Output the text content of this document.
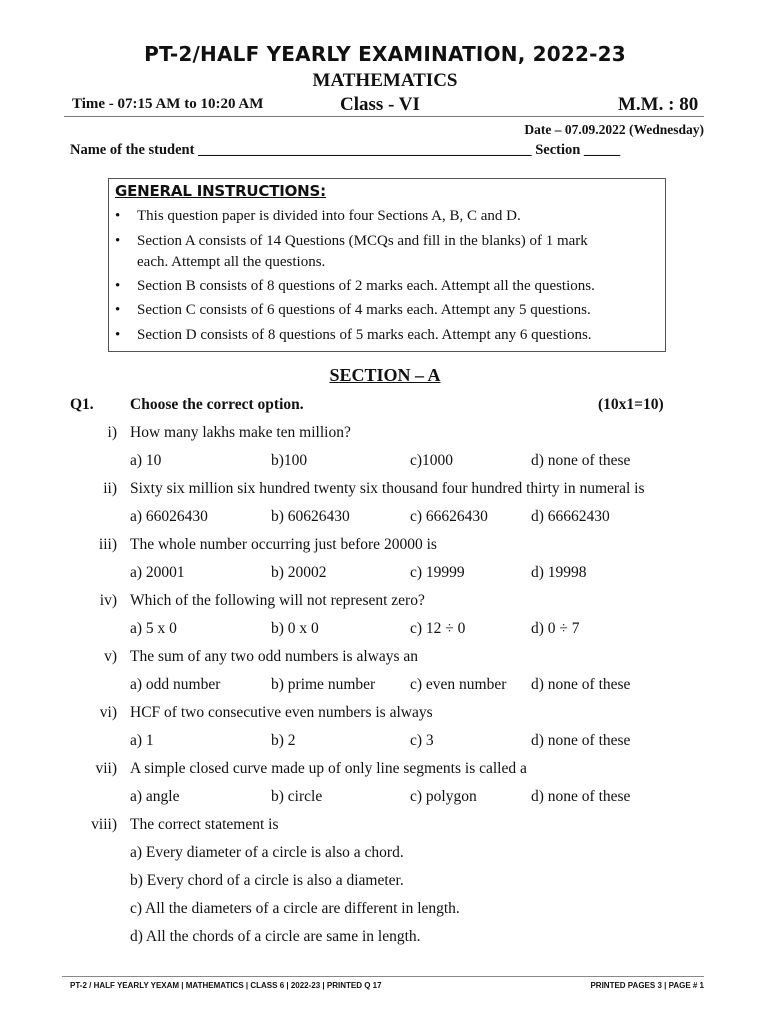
PT-2/HALF YEARLY EXAMINATION, 2022-23
MATHEMATICS
Time - 07:15 AM to 10:20 AM	Class - VI	M.M. : 80
Date – 07.09.2022 (Wednesday)
Name of the student ______________________________________________ Section _____
GENERAL INSTRUCTIONS:
• This question paper is divided into four Sections A, B, C and D.
• Section A consists of 14 Questions (MCQs and fill in the blanks) of 1 mark
each. Attempt all the questions.
• Section B consists of 8 questions of 2 marks each. Attempt all the questions.
• Section C consists of 6 questions of 4 marks each. Attempt any 5 questions.
• Section D consists of 8 questions of 5 marks each. Attempt any 6 questions.
SECTION – A
Q1. Choose the correct option.	(10x1=10)
i) How many lakhs make ten million?
a) 10	b)100	c)1000	d) none of these
ii) Sixty six million six hundred twenty six thousand four hundred thirty in numeral is
a) 66026430	b) 60626430	c) 66626430	d) 66662430
iii) The whole number occurring just before 20000 is
a) 20001	b) 20002	c) 19999	d) 19998
iv) Which of the following will not represent zero?
a) 5 x 0	b) 0 x 0	c) 12 ÷ 0	d) 0 ÷ 7
v) The sum of any two odd numbers is always an
a) odd number	b) prime number c) even number d) none of these
vi) HCF of two consecutive even numbers is always
a) 1	b) 2	c) 3	d) none of these
vii) A simple closed curve made up of only line segments is called a
a) angle	b) circle	c) polygon	d) none of these
viii) The correct statement is
a) Every diameter of a circle is also a chord.
b) Every chord of a circle is also a diameter.
c) All the diameters of a circle are different in length.
d) All the chords of a circle are same in length.
PT-2 / HALF YEARLY YEXAM | MATHEMATICS | CLASS 6 | 2022-23 | PRINTED Q 17	PRINTED PAGES 3 | PAGE # 1
